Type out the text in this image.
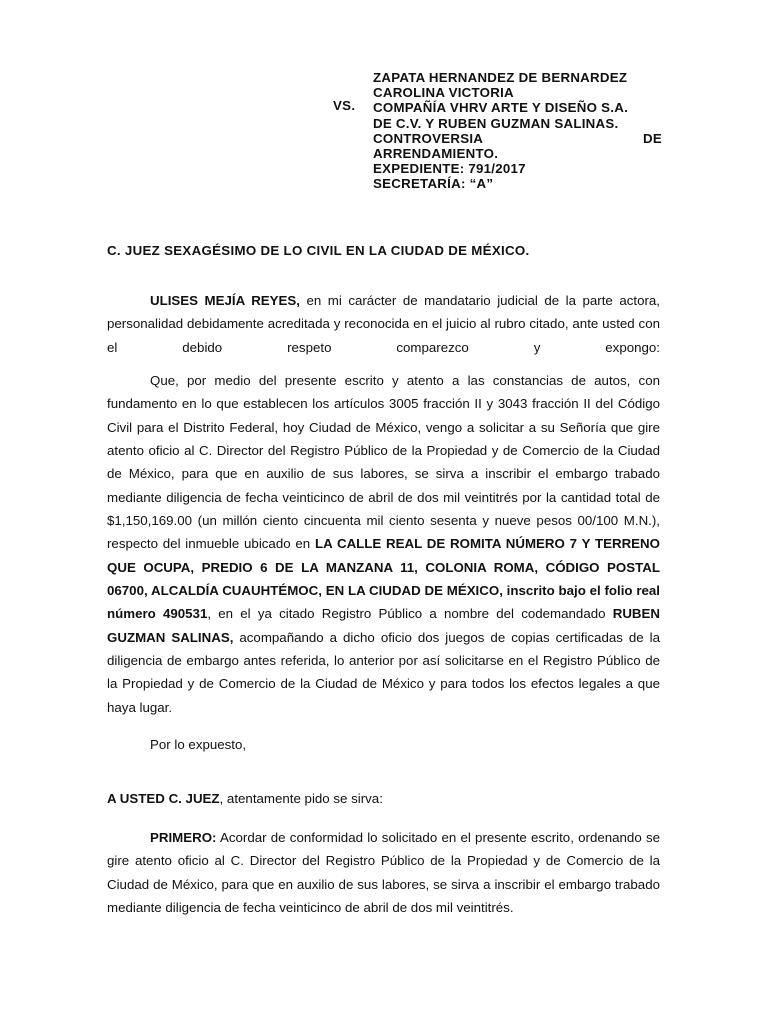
ZAPATA HERNANDEZ DE BERNARDEZ
CAROLINA VICTORIA
COMPAÑÍA VHRV ARTE Y DISEÑO S.A.
DE C.V. Y RUBEN GUZMAN SALINAS.
CONTROVERSIA	DE
ARRENDAMIENTO.
EXPEDIENTE: 791/2017
SECRETARÍA: “A”
VS.
C. JUEZ SEXAGÉSIMO DE LO CIVIL EN LA CIUDAD DE MÉXICO.

ULISES MEJÍA REYES, en mi carácter de mandatario judicial de la parte actora, personalidad debidamente acreditada y reconocida en el juicio al rubro citado, ante usted con el debido respeto comparezco y expongo:

Que, por medio del presente escrito y atento a las constancias de autos, con fundamento en lo que establecen los artículos 3005 fracción II y 3043 fracción II del Código Civil para el Distrito Federal, hoy Ciudad de México, vengo a solicitar a su Señoría que gire atento oficio al C. Director del Registro Público de la Propiedad y de Comercio de la Ciudad de México, para que en auxilio de sus labores, se sirva a inscribir el embargo trabado mediante diligencia de fecha veinticinco de abril de dos mil veintitrés por la cantidad total de $1,150,169.00 (un millón ciento cincuenta mil ciento sesenta y nueve pesos 00/100 M.N.), respecto del inmueble ubicado en LA CALLE REAL DE ROMITA NÚMERO 7 Y TERRENO QUE OCUPA, PREDIO 6 DE LA MANZANA 11, COLONIA ROMA, CÓDIGO POSTAL 06700, ALCALDÍA CUAUHTÉMOC, EN LA CIUDAD DE MÉXICO, inscrito bajo el folio real número 490531, en el ya citado Registro Público a nombre del codemandado RUBEN GUZMAN SALINAS, acompañando a dicho oficio dos juegos de copias certificadas de la diligencia de embargo antes referida, lo anterior por así solicitarse en el Registro Público de la Propiedad y de Comercio de la Ciudad de México y para todos los efectos legales a que haya lugar.

Por lo expuesto,

A USTED C. JUEZ, atentamente pido se sirva:

PRIMERO: Acordar de conformidad lo solicitado en el presente escrito, ordenando se gire atento oficio al C. Director del Registro Público de la Propiedad y de Comercio de la Ciudad de México, para que en auxilio de sus labores, se sirva a inscribir el embargo trabado mediante diligencia de fecha veinticinco de abril de dos mil veintitrés.
